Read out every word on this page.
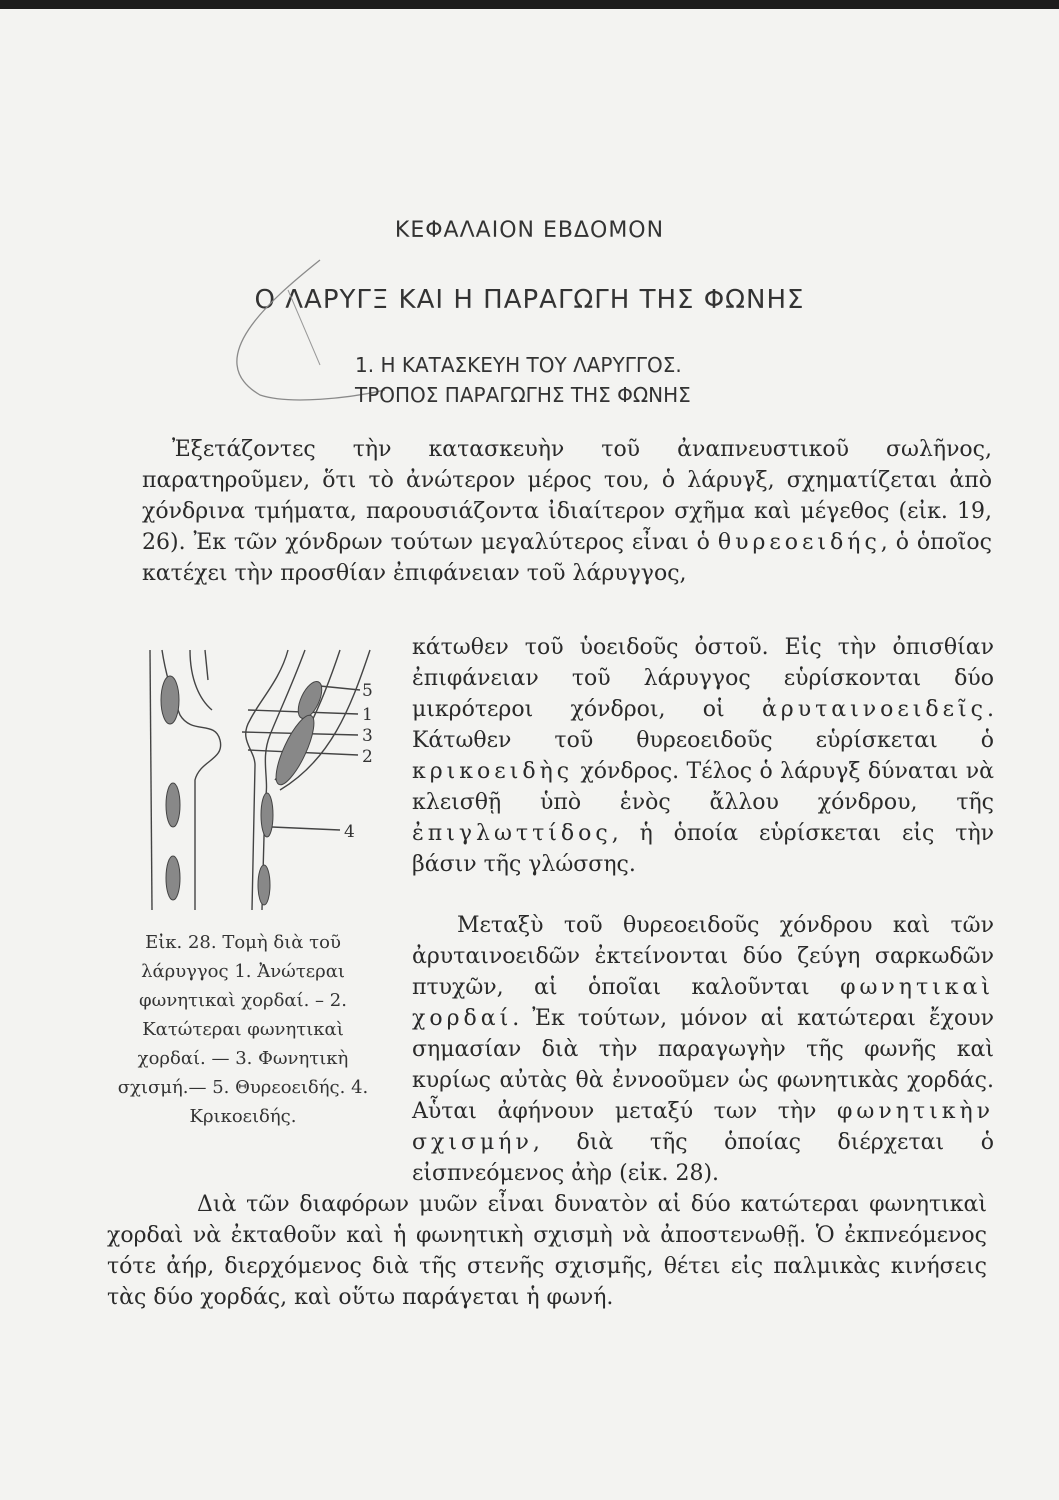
ΚΕΦΑΛΑΙΟΝ ΕΒΔΟΜΟΝ
Ο ΛΑΡΥΓΞ ΚΑΙ Η ΠΑΡΑΓΩΓΗ ΤΗΣ ΦΩΝΗΣ
1. Η ΚΑΤΑΣΚΕΥΗ ΤΟΥ ΛΑΡΥΓΓΟΣ.
ΤΡΟΠΟΣ ΠΑΡΑΓΩΓΗΣ ΤΗΣ ΦΩΝΗΣ
Ἐξετάζοντες τὴν κατασκευὴν τοῦ ἀναπνευστικοῦ σωλῆνος, παρατηροῦμεν, ὅτι τὸ ἀνώτερον μέρος του, ὁ λάρυγξ, σχηματίζεται ἀπὸ χόνδρινα τμήματα, παρουσιάζοντα ἰδιαίτερον σχῆμα καὶ μέγεθος (εἰκ. 19, 26). Ἐκ τῶν χόνδρων τούτων μεγαλύτερος εἶναι ὁ θυρεοειδής, ὁ ὁποῖος κατέχει τὴν προσθίαν ἐπιφάνειαν τοῦ λάρυγγος,
κάτωθεν τοῦ ὑοειδοῦς ὀστοῦ. Εἰς τὴν ὀπισθίαν ἐπιφάνειαν τοῦ λάρυγγος εὑρίσκονται δύο μικρότεροι χόνδροι, οἱ ἀρυταινοειδεῖς. Κάτωθεν τοῦ θυρεοειδοῦς εὑρίσκεται ὁ κρικοειδὴς χόνδρος. Τέλος ὁ λάρυγξ δύναται νὰ κλεισθῇ ὑπὸ ἑνὸς ἄλλου χόνδρου, τῆς ἐπιγλωττίδος, ἡ ὁποία εὑρίσκεται εἰς τὴν βάσιν τῆς γλώσσης.
5
1
3
2
4
Εἰκ. 28. Τομὴ διὰ τοῦ λάρυγγος 1. Ἀνώτεραι φωνητικαὶ χορδαί. – 2. Κατώτεραι φωνητικαὶ χορδαί. — 3. Φωνητικὴ σχισμή.— 5. Θυρεοειδής. 4. Κρικοειδής.
Μεταξὺ τοῦ θυρεοειδοῦς χόνδρου καὶ τῶν ἀρυταινοειδῶν ἐκτείνονται δύο ζεύγη σαρκωδῶν πτυχῶν, αἱ ὁποῖαι καλοῦνται φωνητικαὶ χορδαί. Ἐκ τούτων, μόνον αἱ κατώτεραι ἔχουν σημασίαν διὰ τὴν παραγωγὴν τῆς φωνῆς καὶ κυρίως αὐτὰς θὰ ἐννοοῦμεν ὡς φωνητικὰς χορδάς. Αὗται ἀφήνουν μεταξύ των τὴν φωνητικὴν σχισμήν, διὰ τῆς ὁποίας διέρχεται ὁ εἰσπνεόμενος ἀὴρ (εἰκ. 28).
Διὰ τῶν διαφόρων μυῶν εἶναι δυνατὸν αἱ δύο κατώτεραι φωνητικαὶ χορδαὶ νὰ ἐκταθοῦν καὶ ἡ φωνητικὴ σχισμὴ νὰ ἀποστενωθῇ. Ὁ ἐκπνεόμενος τότε ἀήρ, διερχόμενος διὰ τῆς στενῆς σχισμῆς, θέτει εἰς παλμικὰς κινήσεις τὰς δύο χορδάς, καὶ οὕτω παράγεται ἡ φωνή.
